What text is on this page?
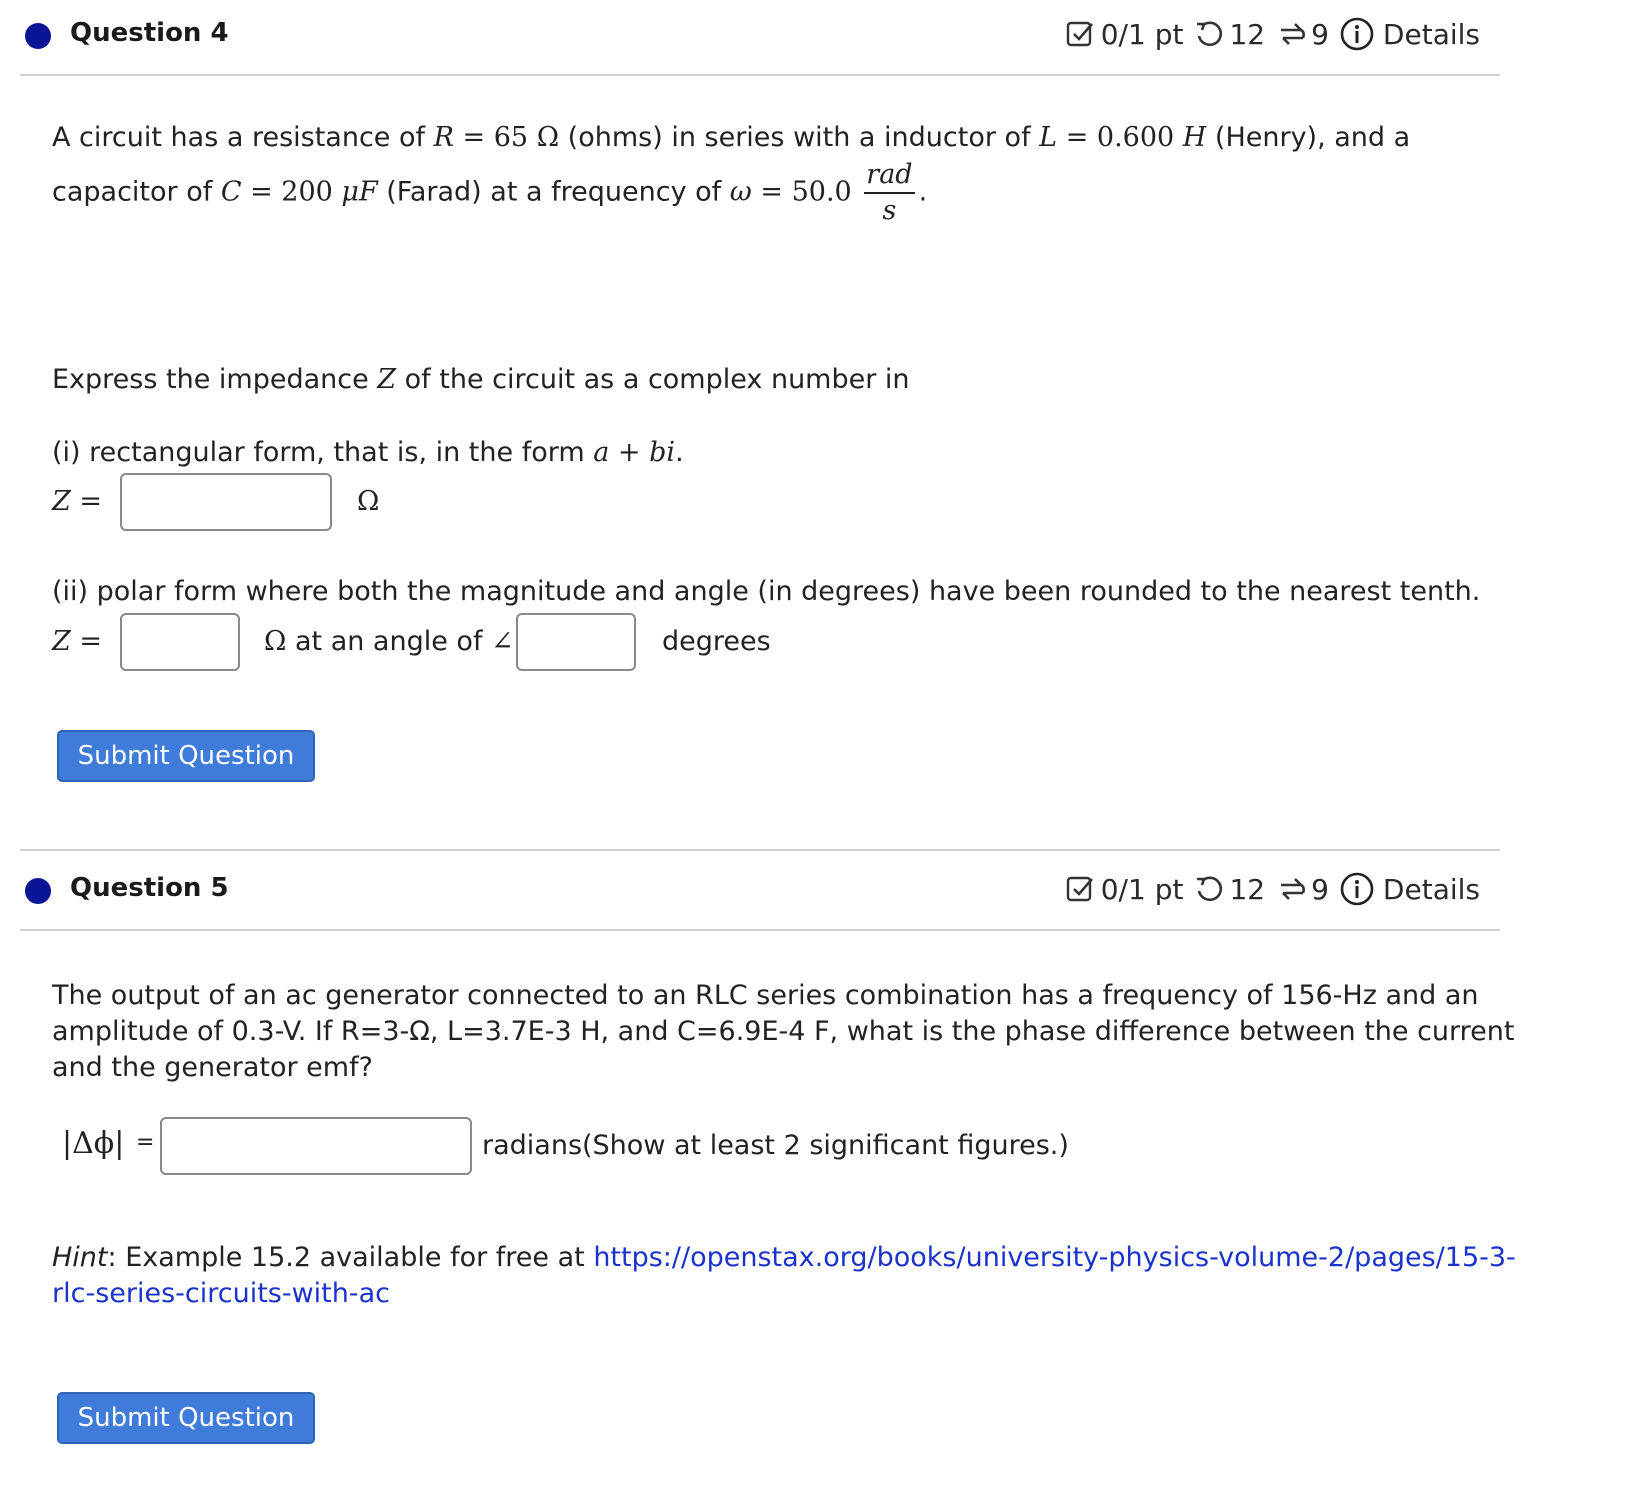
Question 4	0/1 pt 12 9 Details
A circuit has a resistance of R = 65 Ω (ohms) in series with a inductor of L = 0.600 H (Henry), and a
capacitor of C = 200 μF (Farad) at a frequency of $\omega = 50.0 \frac{\text{rad}}{s}$ .
Express the impedance Z of the circuit as a complex number in
(i) rectangular form, that is, in the form a + bi.
Z =	Ω
(ii) polar form where both the magnitude and angle (in degrees) have been rounded to the nearest tenth.
Z =	Ω at an angle of ∠	degrees
Submit Question
Question 5	0/1 pt 12 9 Details
The output of an ac generator connected to an RLC series combination has a frequency of 156-Hz and an
amplitude of 0.3-V. If R=3-Ω, L=3.7E-3 H, and C=6.9E-4 F, what is the phase difference between the current
and the generator emf?
|Δϕ| =	radians(Show at least 2 significant figures.)
Hint: Example 15.2 available for free at https://openstax.org/books/university-physics-volume-2/pages/15-3-
rlc-series-circuits-with-ac
Submit Question
